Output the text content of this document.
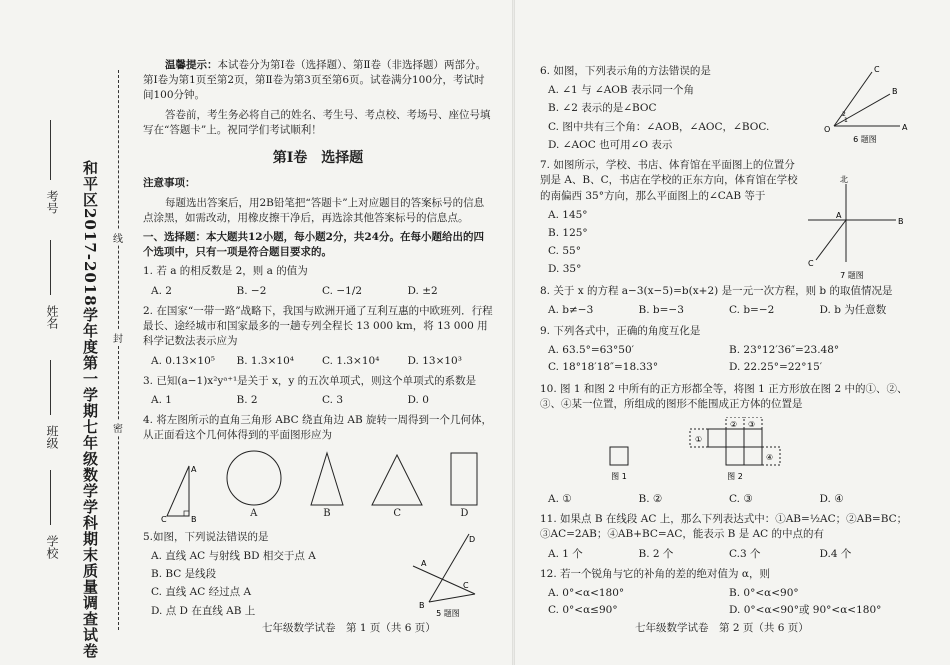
和平区2017-2018学年度第一学期七年级数学学科期末质量调查试卷 线
封
密
考号
姓名
班级
学校

温馨提示：本试卷分为第Ⅰ卷（选择题）、第Ⅱ卷（非选择题）两部分。第Ⅰ卷为第1页至第2页，第Ⅱ卷为第3页至第6页。试卷满分100分，考试时间100分钟。

答卷前，考生务必将自己的姓名、考生号、考点校、考场号、座位号填写在“答题卡”上。祝同学们考试顺利！

第Ⅰ卷　选择题

注意事项：

每题选出答案后，用2B铅笔把“答题卡”上对应题目的答案标号的信息点涂黑，如需改动，用橡皮擦干净后，再选涂其他答案标号的信息点。

一、选择题：本大题共12小题，每小题2分，共24分。在每小题给出的四个选项中，只有一项是符合题目要求的。

1. 若 a 的相反数是 2，则 a 的值为

A. 2	B. −2	C. −1/2	D. ±2

2. 在国家“一带一路”战略下，我国与欧洲开通了互利互惠的中欧班列．行程最长、途经城市和国家最多的一趟专列全程长 13 000 km，将 13 000 用科学记数法表示应为

A. 0.13×10⁵	B. 1.3×10⁴	C. 1.3×10⁴	D. 13×10³

3. 已知(a−1)x²yᵃ⁺¹是关于 x，y 的五次单项式，则这个单项式的系数是

A. 1	B. 2	C. 3	D. 0

4. 将左图所示的直角三角形 ABC 绕直角边 AB 旋转一周得到一个几何体，从正面看这个几何体得到的平面图形应为

A
B
C	A	B	C	D

5.如图，下列说法错误的是

A. 直线 AC 与射线 BD 相交于点 A
B. BC 是线段
C. 直线 AC 经过点 A
D. 点 D 在直线 AB 上
D
A
C
B
5 题图

6. 如图，下列表示角的方法错误的是

A. ∠1 与 ∠AOB 表示同一个角
B. ∠2 表示的是∠BOC
C. 图中共有三个角：∠AOB，∠AOC，∠BOC.
D. ∠AOC 也可用∠O 表示
O	A
B
C
1
2
6 题图

7. 如图所示，学校、书店、体育馆在平面图上的位置分别是 A、B、C，书店在学校的正东方向，体育馆在学校的南偏西 35°方向，那么平面图上的∠CAB 等于

A. 145°
B. 125°
C. 55°
D. 35°
北
A
B
C
7 题图

8. 关于 x 的方程 a−3(x−5)=b(x+2) 是一元一次方程，则 b 的取值情况是

A. b≠−3	B. b=−3	C. b=−2	D. b 为任意数

9. 下列各式中，正确的角度互化是

A. 63.5°=63°50′	B. 23°12′36″=23.48°
C. 18°18′18″=18.33°	D. 22.25°=22°15′

10. 图 1 和图 2 中所有的正方形都全等，将图 1 正方形放在图 2 中的①、②、③、④某一位置，所组成的图形不能围成正方体的位置是

图 1
①
② ③
④
图 2
A. ①	B. ②	C. ③	D. ④

11. 如果点 B 在线段 AC 上，那么下列表达式中：①AB=½AC；②AB=BC；③AC=2AB；④AB+BC=AC，能表示 B 是 AC 的中点的有

A. 1 个	B. 2 个	C.3 个	D.4 个

12. 若一个锐角与它的补角的差的绝对值为 α，则

A. 0°<α<180°	B. 0°<α<90°
C. 0°<α≤90°	D. 0°<α<90°或 90°<α<180°
七年级数学试卷　第 1 页（共 6 页）	七年级数学试卷　第 2 页（共 6 页）
